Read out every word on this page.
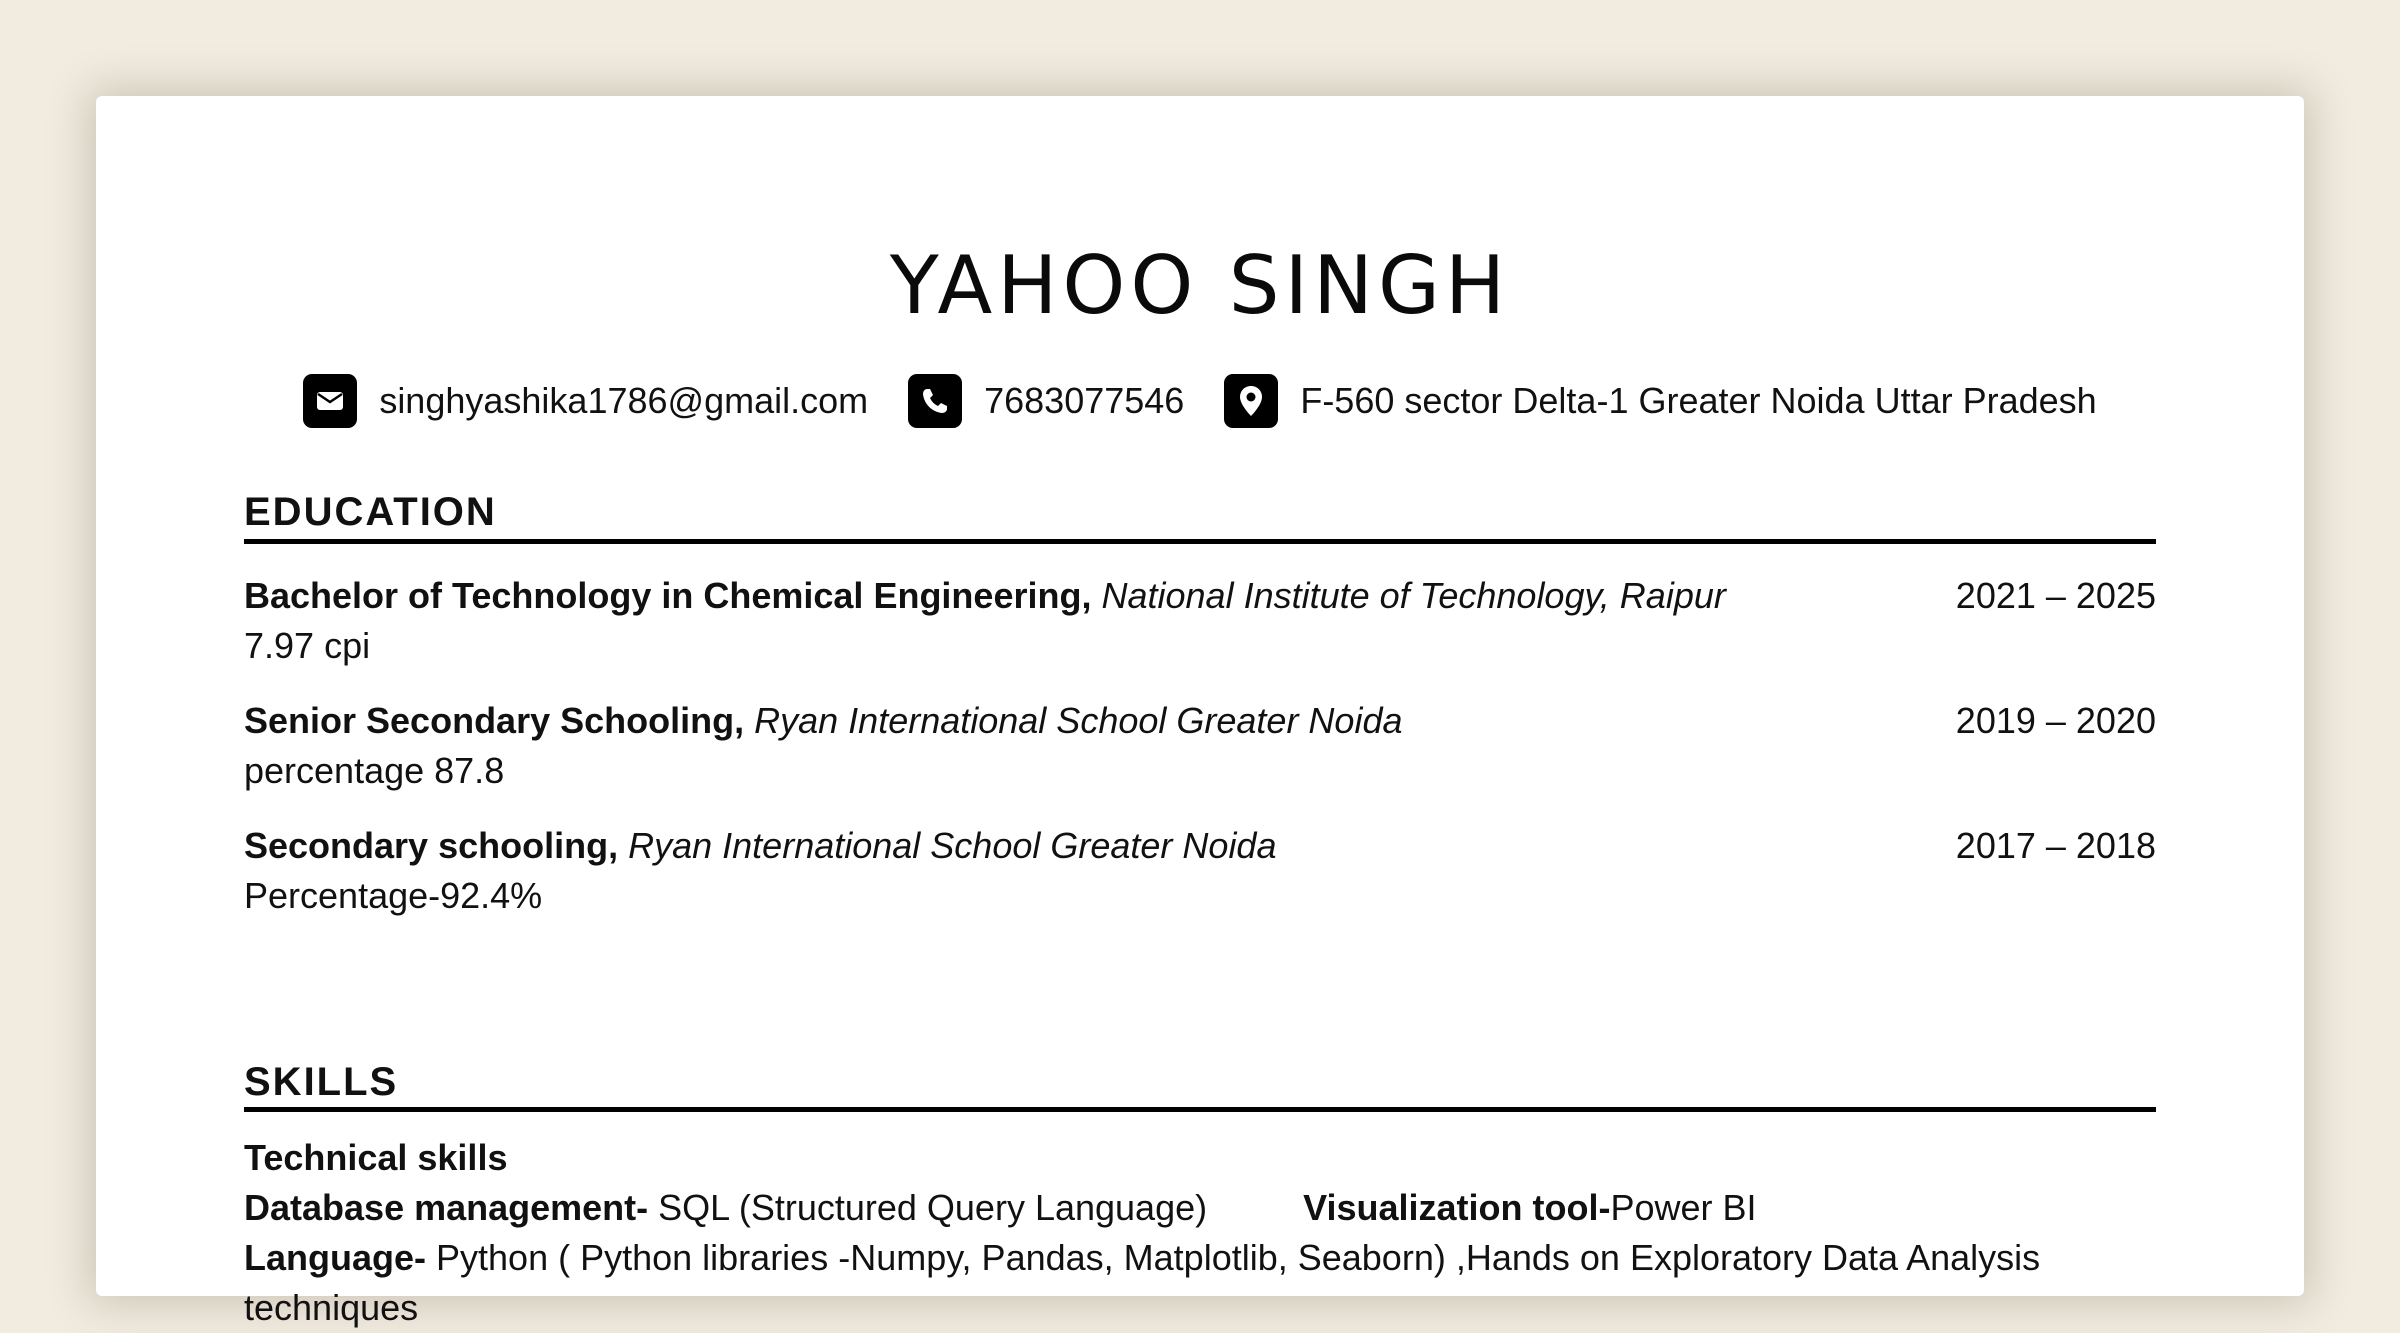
YAHOO SINGH
singhyashika1786@gmail.com	7683077546	F-560 sector Delta-1 Greater Noida Uttar Pradesh
EDUCATION
Bachelor of Technology in Chemical Engineering, National Institute of Technology, Raipur	2021 – 2025
7.97 cpi
Senior Secondary Schooling, Ryan International School Greater Noida	2019 – 2020
percentage 87.8
Secondary schooling, Ryan International School Greater Noida	2017 – 2018
Percentage-92.4%
SKILLS
Technical skills
Database management- SQL (Structured Query Language)	Visualization tool-Power BI
Language- Python ( Python libraries -Numpy, Pandas, Matplotlib, Seaborn) ,Hands on Exploratory Data Analysis techniques
